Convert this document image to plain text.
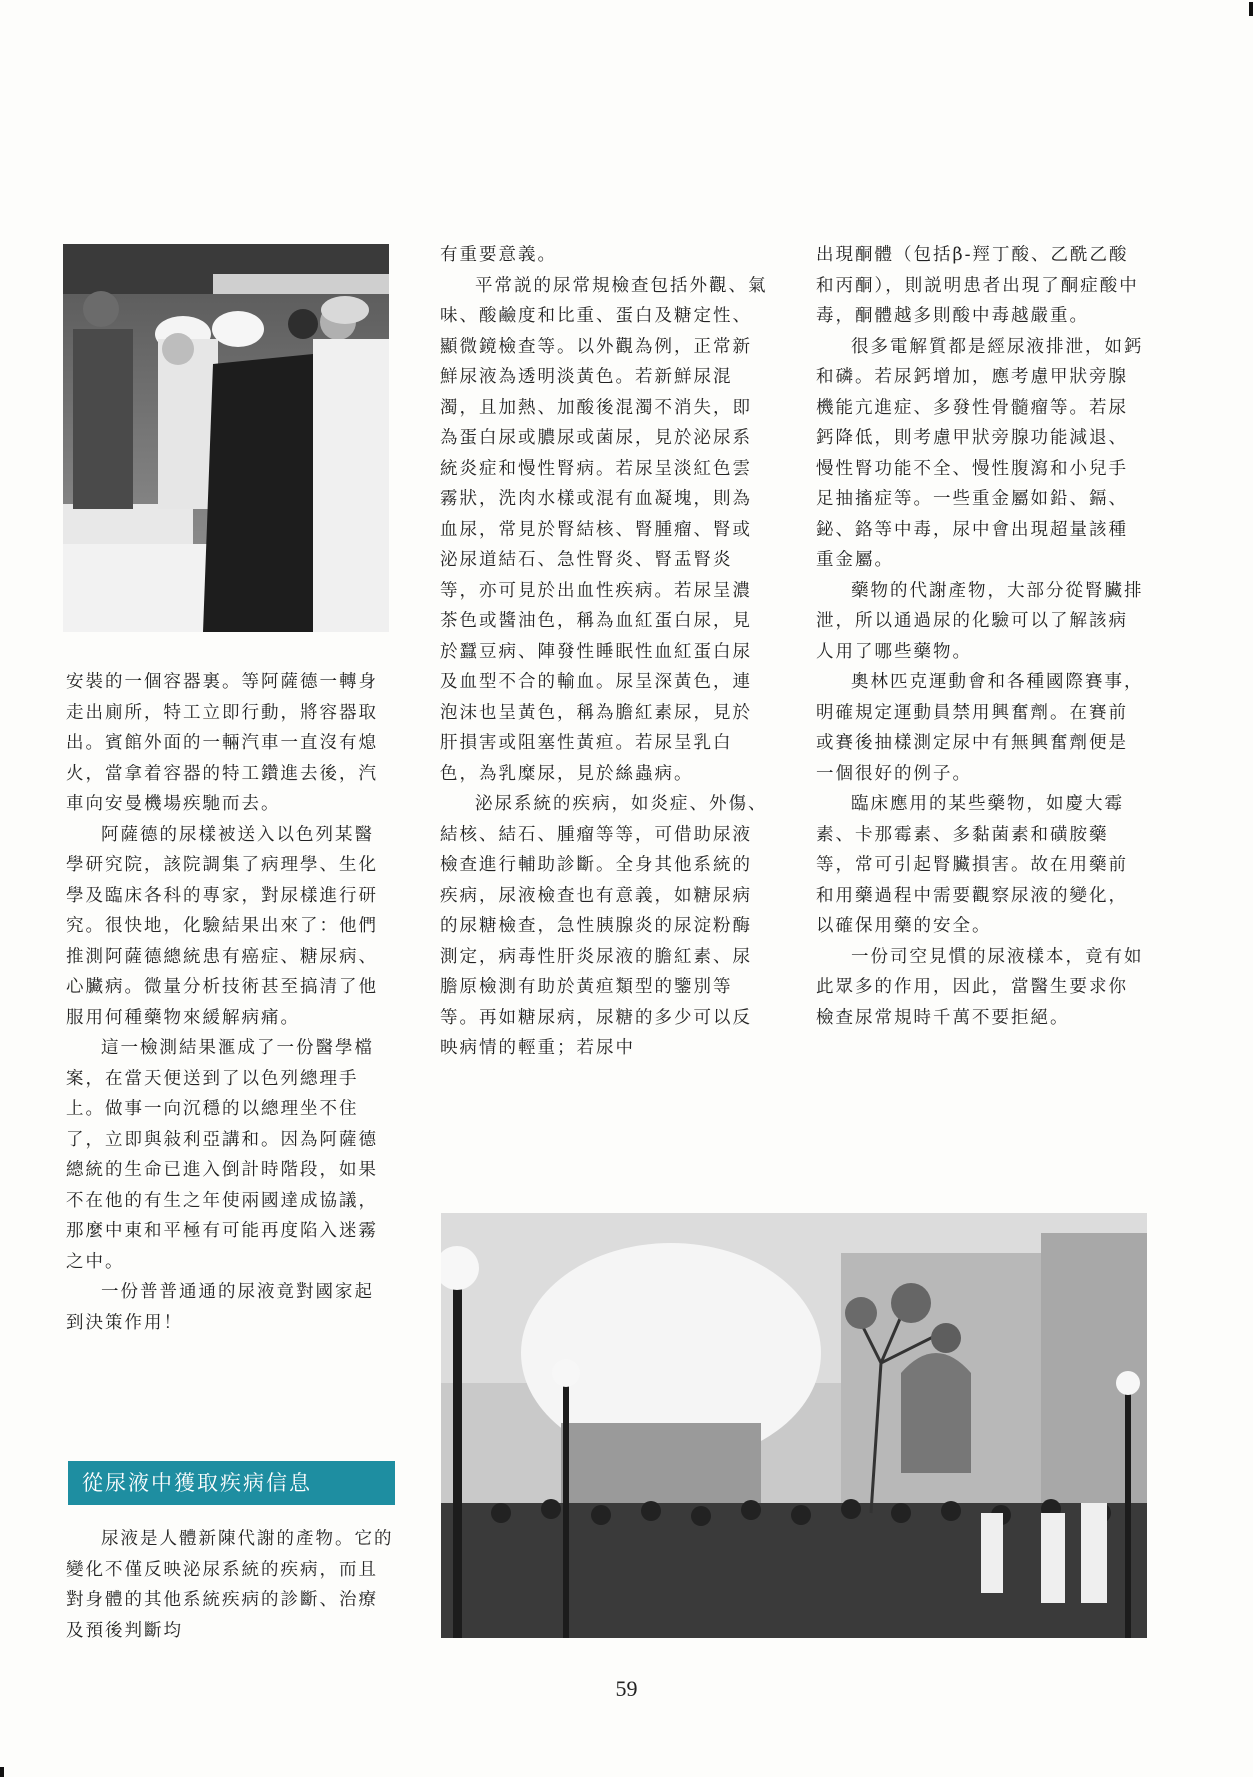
安裝的一個容器裏。等阿薩德一轉身走出廁所，特工立即行動，將容器取出。賓館外面的一輛汽車一直沒有熄火，當拿着容器的特工鑽進去後，汽車向安曼機場疾馳而去。

阿薩德的尿樣被送入以色列某醫學研究院，該院調集了病理學、生化學及臨床各科的專家，對尿樣進行研究。很快地，化驗結果出來了：他們推測阿薩德總統患有癌症、糖尿病、心臟病。微量分析技術甚至搞清了他服用何種藥物來緩解病痛。

這一檢測結果滙成了一份醫學檔案，在當天便送到了以色列總理手上。做事一向沉穩的以總理坐不住了，立即與敍利亞講和。因為阿薩德總統的生命已進入倒計時階段，如果不在他的有生之年使兩國達成協議，那麼中東和平極有可能再度陷入迷霧之中。

一份普普通通的尿液竟對國家起到決策作用！

從尿液中獲取疾病信息

尿液是人體新陳代謝的產物。它的變化不僅反映泌尿系統的疾病，而且對身體的其他系統疾病的診斷、治療及預後判斷均

有重要意義。

平常説的尿常規檢查包括外觀、氣味、酸鹼度和比重、蛋白及糖定性、顯微鏡檢查等。以外觀為例，正常新鮮尿液為透明淡黃色。若新鮮尿混濁，且加熱、加酸後混濁不消失，即為蛋白尿或膿尿或菌尿，見於泌尿系統炎症和慢性腎病。若尿呈淡紅色雲霧狀，洗肉水樣或混有血凝塊，則為血尿，常見於腎結核、腎腫瘤、腎或泌尿道結石、急性腎炎、腎盂腎炎等，亦可見於出血性疾病。若尿呈濃茶色或醬油色，稱為血紅蛋白尿，見於蠶豆病、陣發性睡眠性血紅蛋白尿及血型不合的輸血。尿呈深黃色，連泡沫也呈黃色，稱為膽紅素尿，見於肝損害或阻塞性黃疸。若尿呈乳白色，為乳糜尿，見於絲蟲病。

泌尿系統的疾病，如炎症、外傷、結核、結石、腫瘤等等，可借助尿液檢查進行輔助診斷。全身其他系統的疾病，尿液檢查也有意義，如糖尿病的尿糖檢查，急性胰腺炎的尿淀粉酶測定，病毒性肝炎尿液的膽紅素、尿膽原檢測有助於黃疸類型的鑒別等等。再如糖尿病，尿糖的多少可以反映病情的輕重；若尿中

出現酮體（包括β-羥丁酸、乙酰乙酸和丙酮），則説明患者出現了酮症酸中毒，酮體越多則酸中毒越嚴重。

很多電解質都是經尿液排泄，如鈣和磷。若尿鈣增加，應考慮甲狀旁腺機能亢進症、多發性骨髓瘤等。若尿鈣降低，則考慮甲狀旁腺功能減退、慢性腎功能不全、慢性腹瀉和小兒手足抽搐症等。一些重金屬如鉛、鎘、鉍、鉻等中毒，尿中會出現超量該種重金屬。

藥物的代謝產物，大部分從腎臟排泄，所以通過尿的化驗可以了解該病人用了哪些藥物。

奧林匹克運動會和各種國際賽事，明確規定運動員禁用興奮劑。在賽前或賽後抽樣測定尿中有無興奮劑便是一個很好的例子。

臨床應用的某些藥物，如慶大霉素、卡那霉素、多黏菌素和磺胺藥等，常可引起腎臟損害。故在用藥前和用藥過程中需要觀察尿液的變化，以確保用藥的安全。

一份司空見慣的尿液樣本，竟有如此眾多的作用，因此，當醫生要求你檢查尿常規時千萬不要拒絕。

59
